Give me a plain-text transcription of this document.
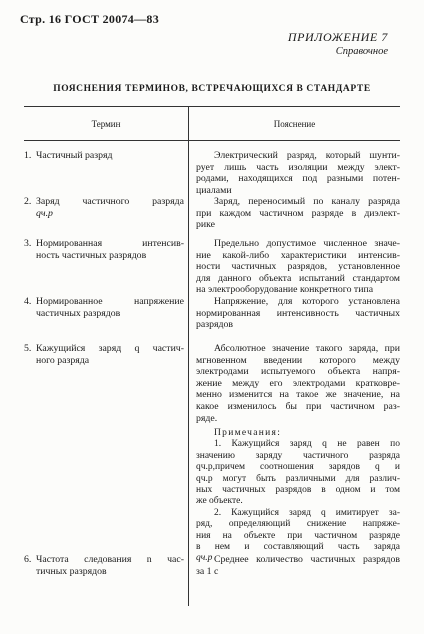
Стр. 16 ГОСТ 20074—83
ПРИЛОЖЕНИЕ 7
Справочное
ПОЯСНЕНИЯ ТЕРМИНОВ, ВСТРЕЧАЮЩИХСЯ В СТАНДАРТЕ
Термин	Пояснение
1. Частичный разряд	Электрический разряд, который шунти-
рует лишь часть изоляции между элект-
родами, находящихся под разными потен-
циалами
2. Заряд частичного разряда
qч.р
Заряд, переносимый по каналу разряда
при каждом частичном разряде в диэлект-
рике
3. Нормированная интенсив-
ность частичных разрядов
Предельно допустимое численное значе-
ние какой-либо характеристики интенсив-
ности частичных разрядов, установленное
для данного объекта испытаний стандартом
на электрооборудование конкретного типа
4. Нормированное напряжение
частичных разрядов
Напряжение, для которого установлена
нормированная интенсивность частичных
разрядов
5. Кажущийся заряд q частич-
ного разряда
Абсолютное значение такого заряда, при
мгновенном введении которого между
электродами испытуемого объекта напря-
жение между его электродами кратковре-
менно изменится на такое же значение, на
какое изменилось бы при частичном раз-
ряде.
Примечания:
1. Кажущийся заряд q не равен по
значению заряду частичного разряда
qч.р,причем соотношения зарядов q и
qч.р могут быть различными для различ-
ных частичных разрядов в одном и том
же объекте.
2. Кажущийся заряд q имитирует за-
ряд, определяющий снижение напряже-
ния на объекте при частичном разряде
в нем и составляющий часть заряда
qч.р
6. Частота следования n час-
тичных разрядов
Среднее количество частичных разрядов
за 1 с
